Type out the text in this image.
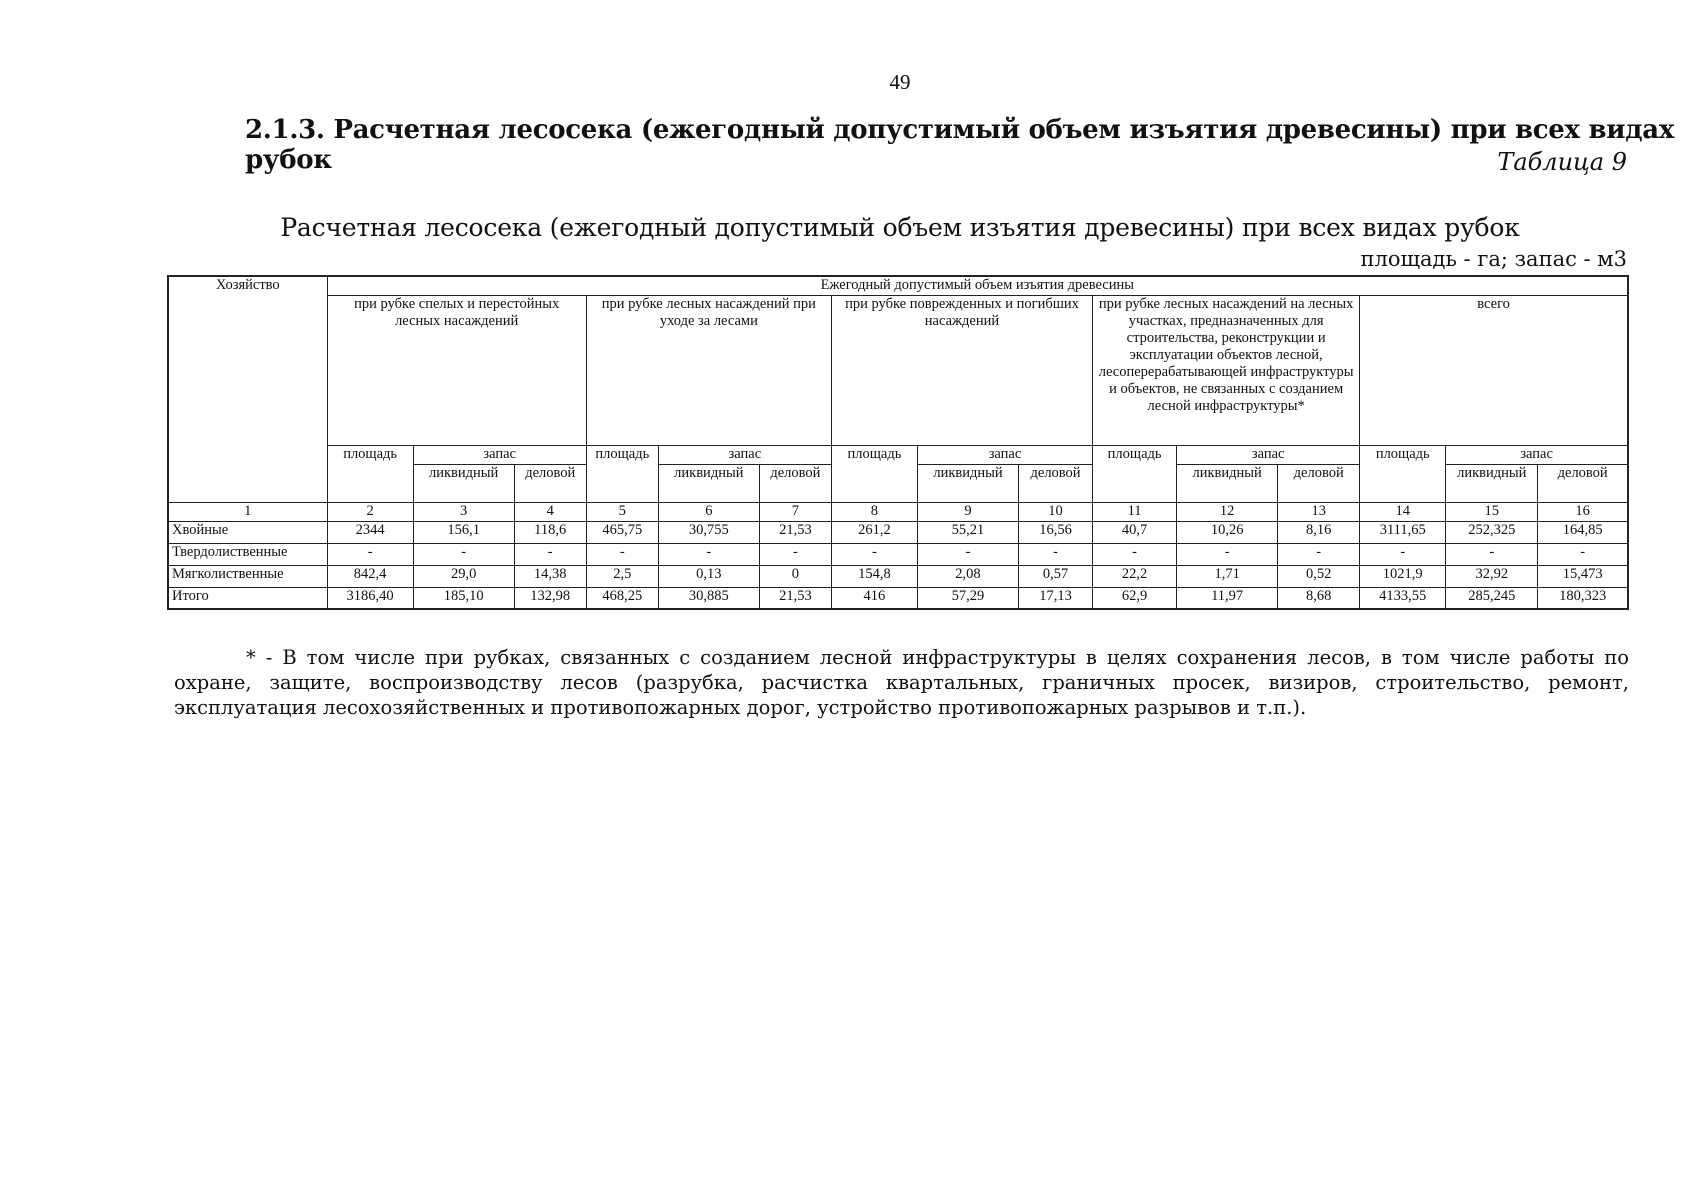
49
2.1.3. Расчетная лесосека (ежегодный допустимый объем изъятия древесины) при всех видах рубок	Таблица 9
Расчетная лесосека (ежегодный допустимый объем изъятия древесины) при всех видах рубок
площадь - га; запас - м3
Хозяйство	Ежегодный допустимый объем изъятия древесины														
	при рубке спелых и перестойных лесных насаждений			при рубке лесных насаждений при уходе за лесами			при рубке поврежденных и погибших насаждений			при рубке лесных насаждений на лесных участках, предназначенных для строительства, реконструкции и эксплуатации объектов лесной, лесоперерабатывающей инфраструктуры и объектов, не связанных с созданием лесной инфраструктуры*			всего		
	площадь	запас		площадь	запас		площадь	запас		площадь	запас		площадь	запас	
		ликвидный	деловой		ликвидный	деловой		ликвидный	деловой		ликвидный	деловой		ликвидный	деловой
1	2	3	4	5	6	7	8	9	10	11	12	13	14	15	16
Хвойные	2344	156,1	118,6	465,75	30,755	21,53	261,2	55,21	16,56	40,7	10,26	8,16	3111,65	252,325	164,85
Твердолиственные	-	-	-	-	-	-	-	-	-	-	-	-	-	-	-
Мягколиственные	842,4	29,0	14,38	2,5	0,13	0	154,8	2,08	0,57	22,2	1,71	0,52	1021,9	32,92	15,473
Итого	3186,40	185,10	132,98	468,25	30,885	21,53	416	57,29	17,13	62,9	11,97	8,68	4133,55	285,245	180,323
* - В том числе при рубках, связанных с созданием лесной инфраструктуры в целях сохранения лесов, в том числе работы по охране, защите, воспроизводству лесов (разрубка, расчистка квартальных, граничных просек, визиров, строительство, ремонт, эксплуатация лесохозяйственных и противопожарных дорог, устройство противопожарных разрывов и т.п.).
